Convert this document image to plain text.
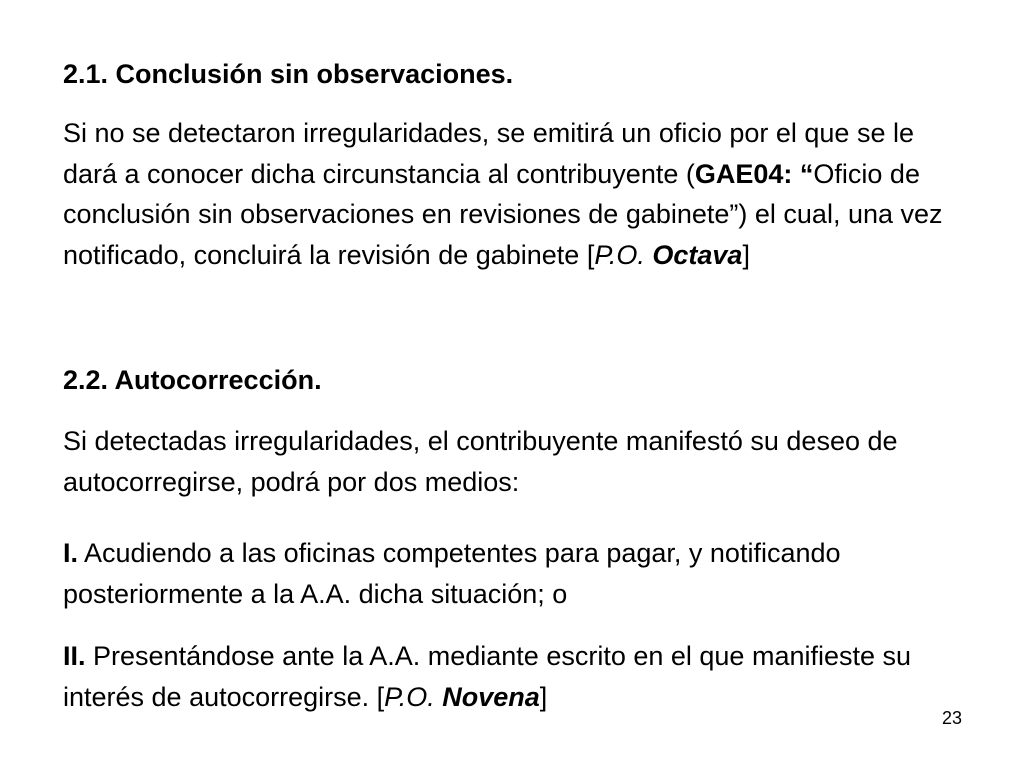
2.1. Conclusión sin observaciones.

Si no se detectaron irregularidades, se emitirá un oficio por el que se le dará a conocer dicha circunstancia al contribuyente (GAE04: “Oficio de conclusión sin observaciones en revisiones de gabinete”) el cual, una vez notificado, concluirá la revisión de gabinete [P.O. Octava]

2.2. Autocorrección.

Si detectadas irregularidades, el contribuyente manifestó su deseo de autocorregirse, podrá por dos medios:

I. Acudiendo a las oficinas competentes para pagar, y notificando posteriormente a la A.A. dicha situación; o

II. Presentándose ante la A.A. mediante escrito en el que manifieste su interés de autocorregirse. [P.O. Novena]

23
